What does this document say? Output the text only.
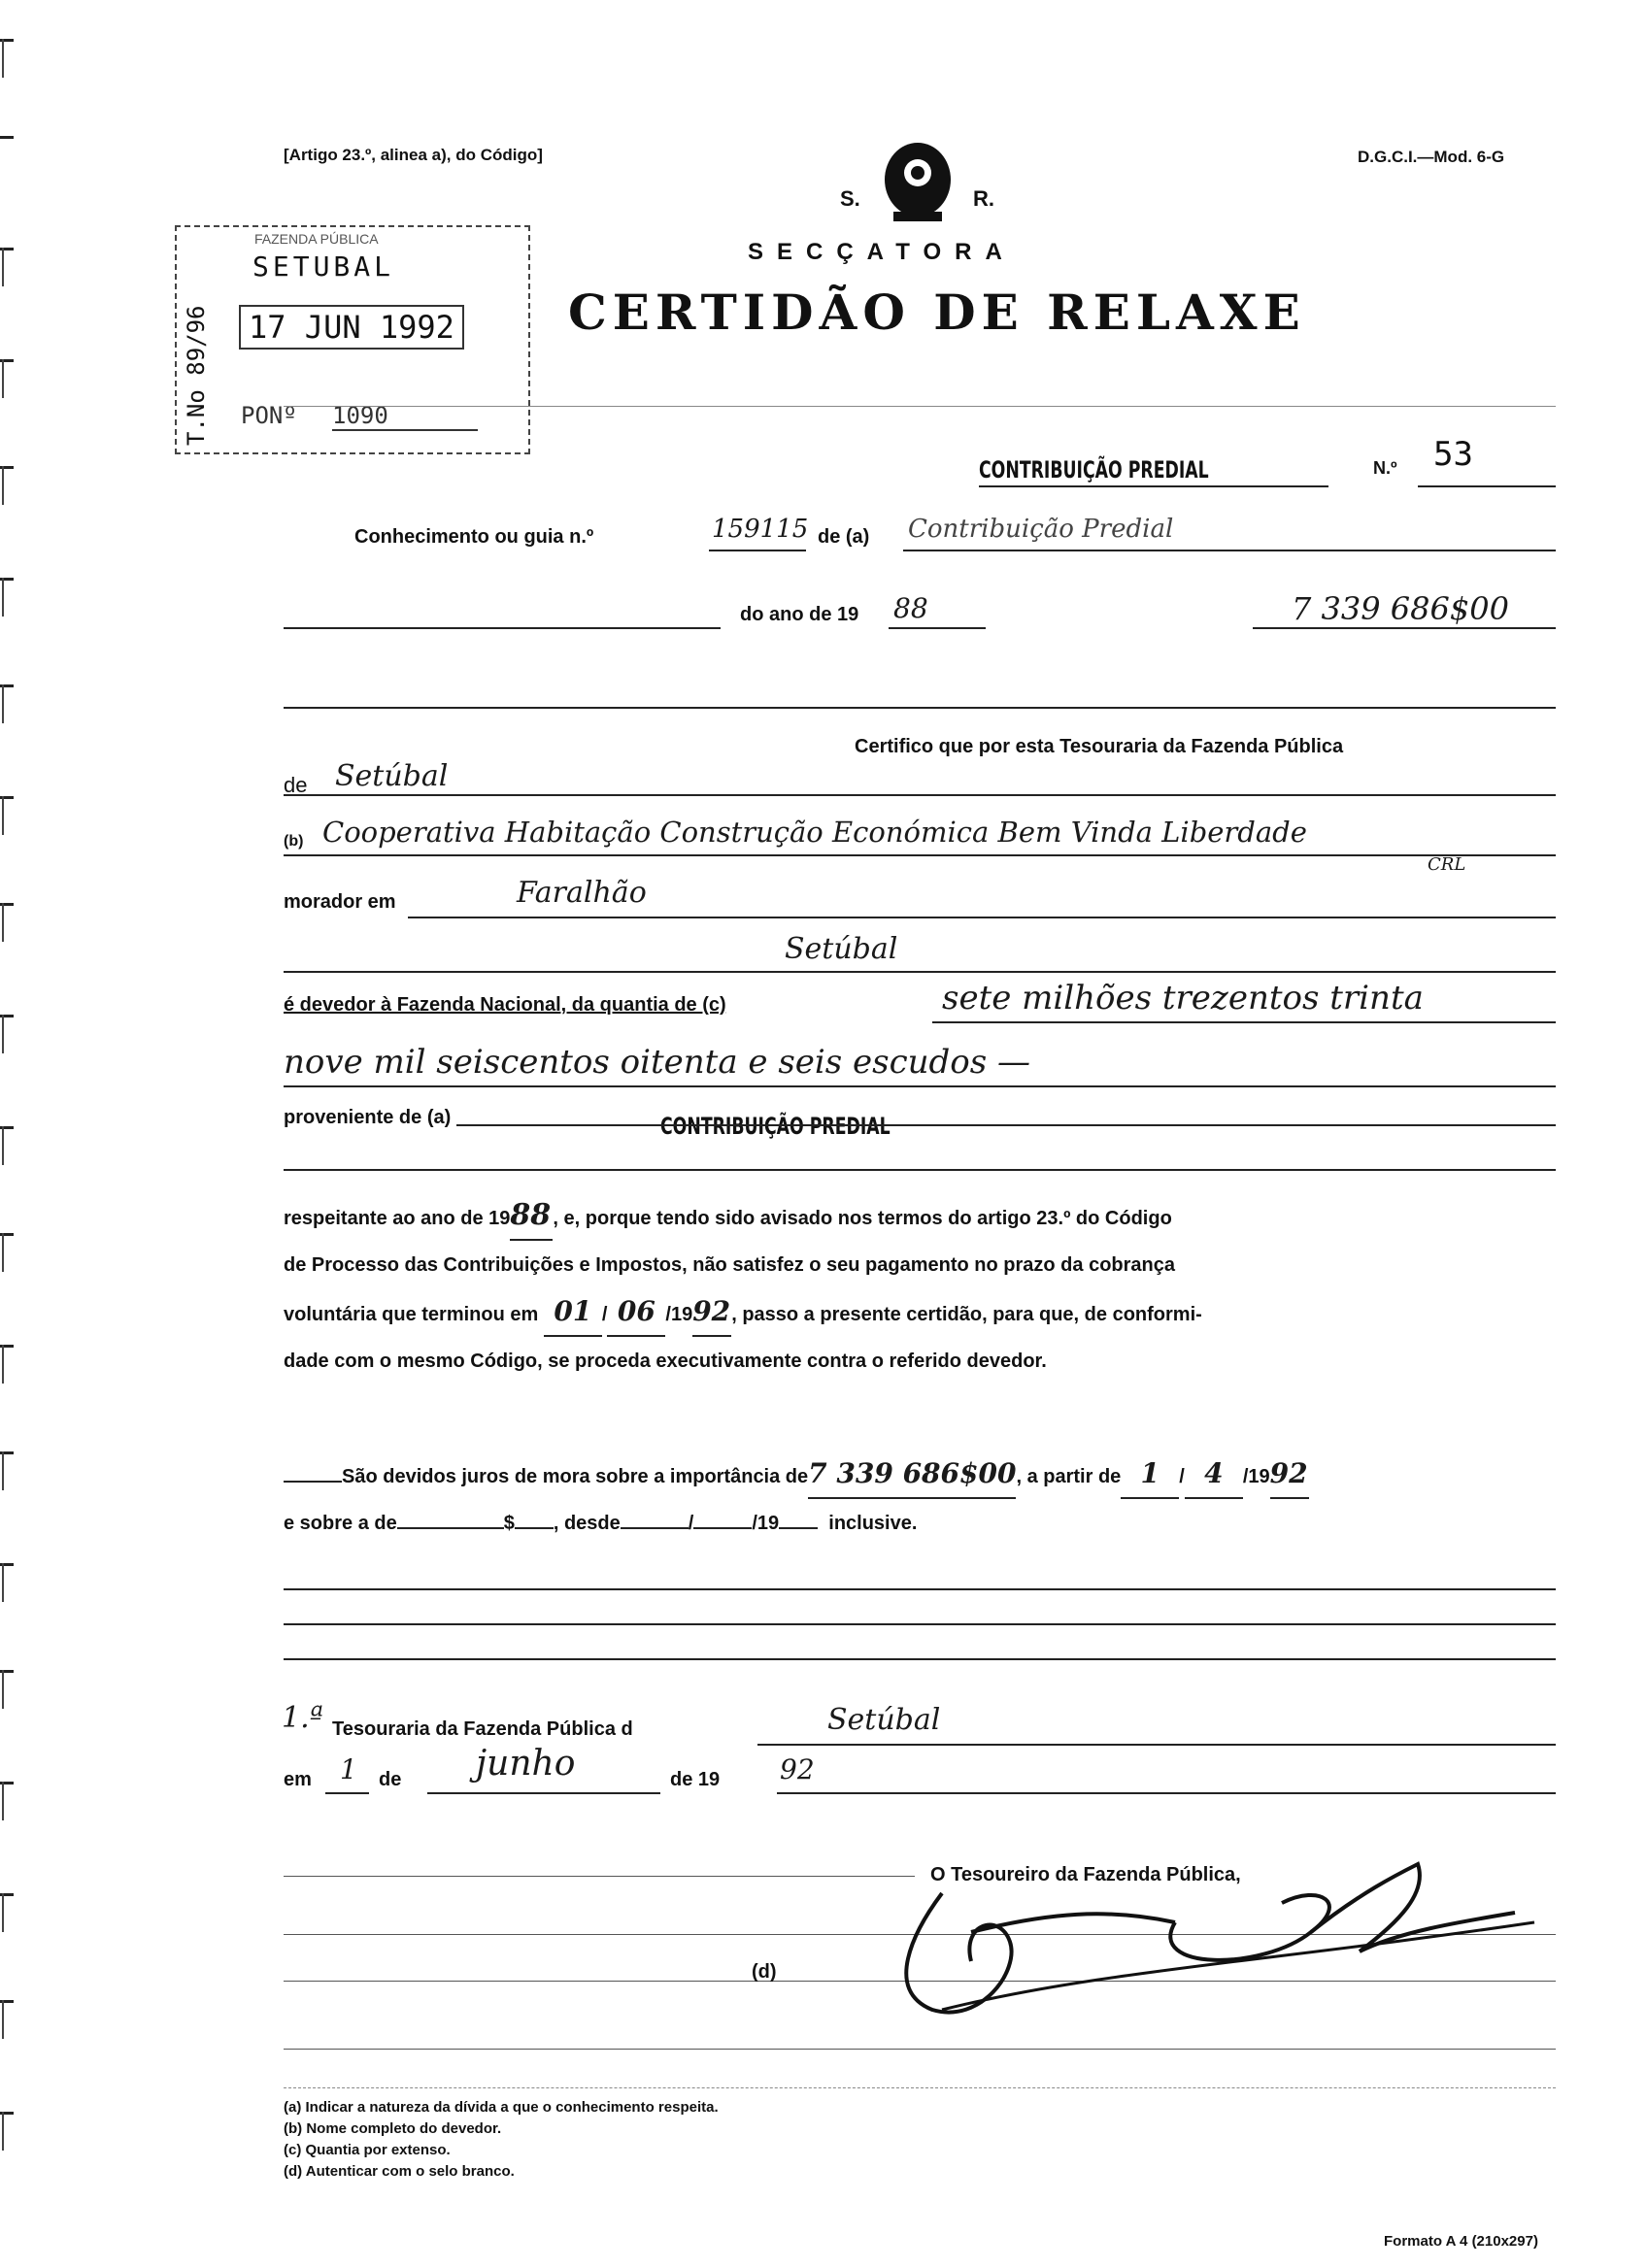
[Artigo 23.º, alinea a), do Código]	D.G.C.I.—Mod. 6-G
S.	R.
SECÇATORA
CERTIDÃO DE RELAXE
T.No 89/96
FAZENDA PÚBLICA
SETUBAL
17 JUN 1992
PONº 1090
CONTRIBUIÇÃO PREDIAL	N.º 53
Conhecimento ou guia n.º	159115 de (a) Contribuição Predial
do ano de 19 88	7 339 686$00
Certifico que por esta Tesouraria da Fazenda Pública
de Setúbal
(b) Cooperativa Habitação Construção Económica Bem Vinda Liberdade
CRL
morador em	Faralhão
Setúbal
é devedor à Fazenda Nacional, da quantia de (c)	sete milhões trezentos trinta
nove mil seiscentos oitenta e seis escudos —
proveniente de (a)	CONTRIBUIÇÃO PREDIAL
respeitante ao ano de 1988 , e, porque tendo sido avisado nos termos do artigo 23.º do Código
de Processo das Contribuições e Impostos, não satisfez o seu pagamento no prazo da cobrança
voluntária que terminou em 01 / 06 /1992, passo a presente certidão, para que, de conformi-
dade com o mesmo Código, se proceda executivamente contra o referido devedor.
São devidos juros de mora sobre a importância de7 339 686$00, a partir de 1 / 4 /1992
e sobre a de	$ , desde	/	/19	inclusive.
1.ª Tesouraria da Fazenda Pública d	Setúbal
em 1 de junho	de 19 92
O Tesoureiro da Fazenda Pública,
(d)
(a) Indicar a natureza da dívida a que o conhecimento respeita.
(b) Nome completo do devedor.
(c) Quantia por extenso.
(d) Autenticar com o selo branco.
Formato A 4 (210x297)
